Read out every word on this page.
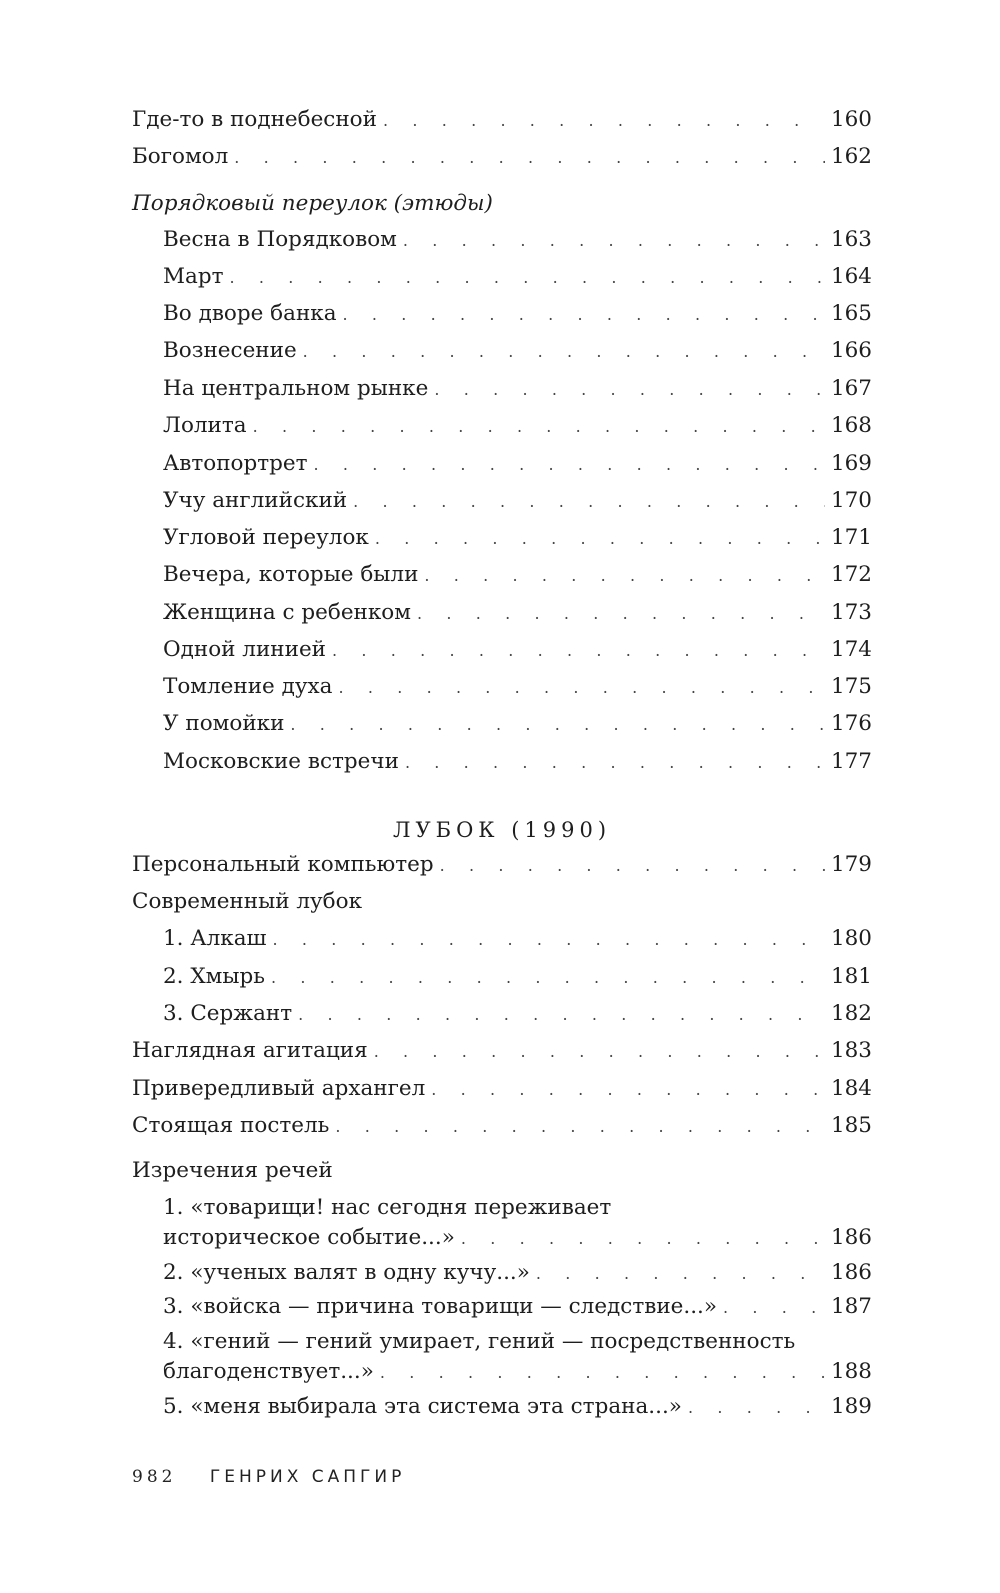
Где-то в поднебесной . . .	160
Богомол . . .	162
Порядковый переулок (этюды)
Весна в Порядковом . . .	163
Март . . .	164
Во дворе банка . . .	165
Вознесение . . .	166
На центральном рынке . . .	167
Лолита . . .	168
Автопортрет . . .	169
Учу английский . . .	170
Угловой переулок . . .	171
Вечера, которые были . . .	172
Женщина с ребенком . . .	173
Одной линией . . .	174
Томление духа . . .	175
У помойки . . .	176
Московские встречи . . .	177
ЛУБОК (1990)
Персональный компьютер . . .	179
Современный лубок
1. Алкаш . . .	180
2. Хмырь . . .	181
3. Сержант . . .	182
Наглядная агитация . . .	183
Привередливый архангел . . .	184
Стоящая постель . . .	185
Изречения речей
1. «товарищи! нас сегодня переживает
историческое событие...» . . .	186
2. «ученых валят в одну кучу...» . . .	186
3. «войска — причина товарищи — следствие...» . . .	187
4. «гений — гений умирает, гений — посредственность
благоденствует...» . . .	188
5. «меня выбирала эта система эта страна...» . . .	189
982 ГЕНРИХ САПГИР
